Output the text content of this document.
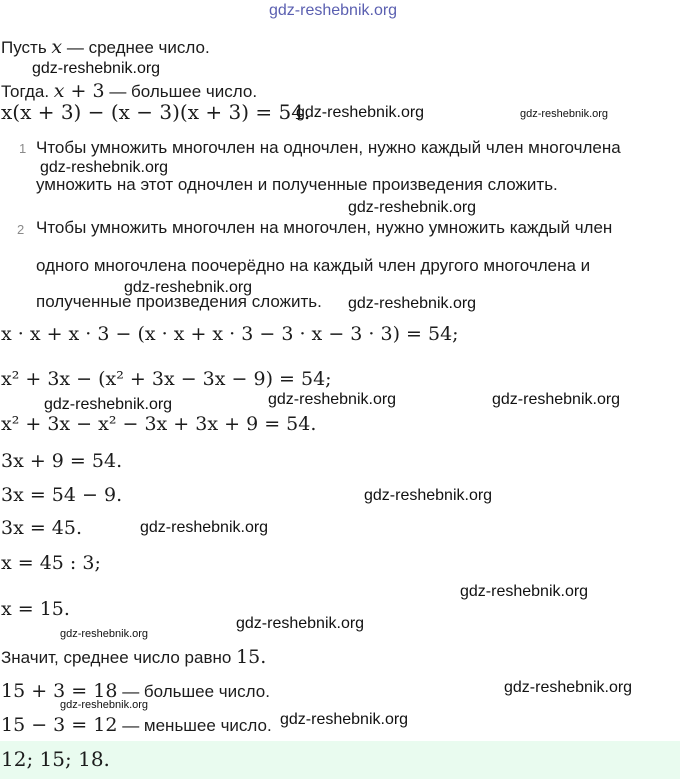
gdz-reshebnik.org
Пусть x — среднее число.
gdz-reshebnik.org
Тогда. x + 3 — большее число.
x(x + 3) − (x − 3)(x + 3) = 54.
gdz-reshebnik.org	gdz-reshebnik.org
1 Чтобы умножить многочлен на одночлен, нужно каждый член многочлена
gdz-reshebnik.org
умножить на этот одночлен и полученные произведения сложить.
gdz-reshebnik.org
2 Чтобы умножить многочлен на многочлен, нужно умножить каждый член
одного многочлена поочерёдно на каждый член другого многочлена и
gdz-reshebnik.org
полученные произведения сложить. gdz-reshebnik.org
x · x + x · 3 − (x · x + x · 3 − 3 · x − 3 · 3) = 54;
x² + 3x − (x² + 3x − 3x − 9) = 54;
gdz-reshebnik.org	gdz-reshebnik.org	gdz-reshebnik.org
x² + 3x − x² − 3x + 3x + 9 = 54.
3x + 9 = 54.
3x = 54 − 9.	gdz-reshebnik.org
3x = 45.	gdz-reshebnik.org
x = 45 : 3;
gdz-reshebnik.org
x = 15.
gdz-reshebnik.org
gdz-reshebnik.org
Значит, среднее число равно 15.
15 + 3 = 18 — большее число.	gdz-reshebnik.org
gdz-reshebnik.org
15 − 3 = 12 — меньшее число. gdz-reshebnik.org
12; 15; 18.
